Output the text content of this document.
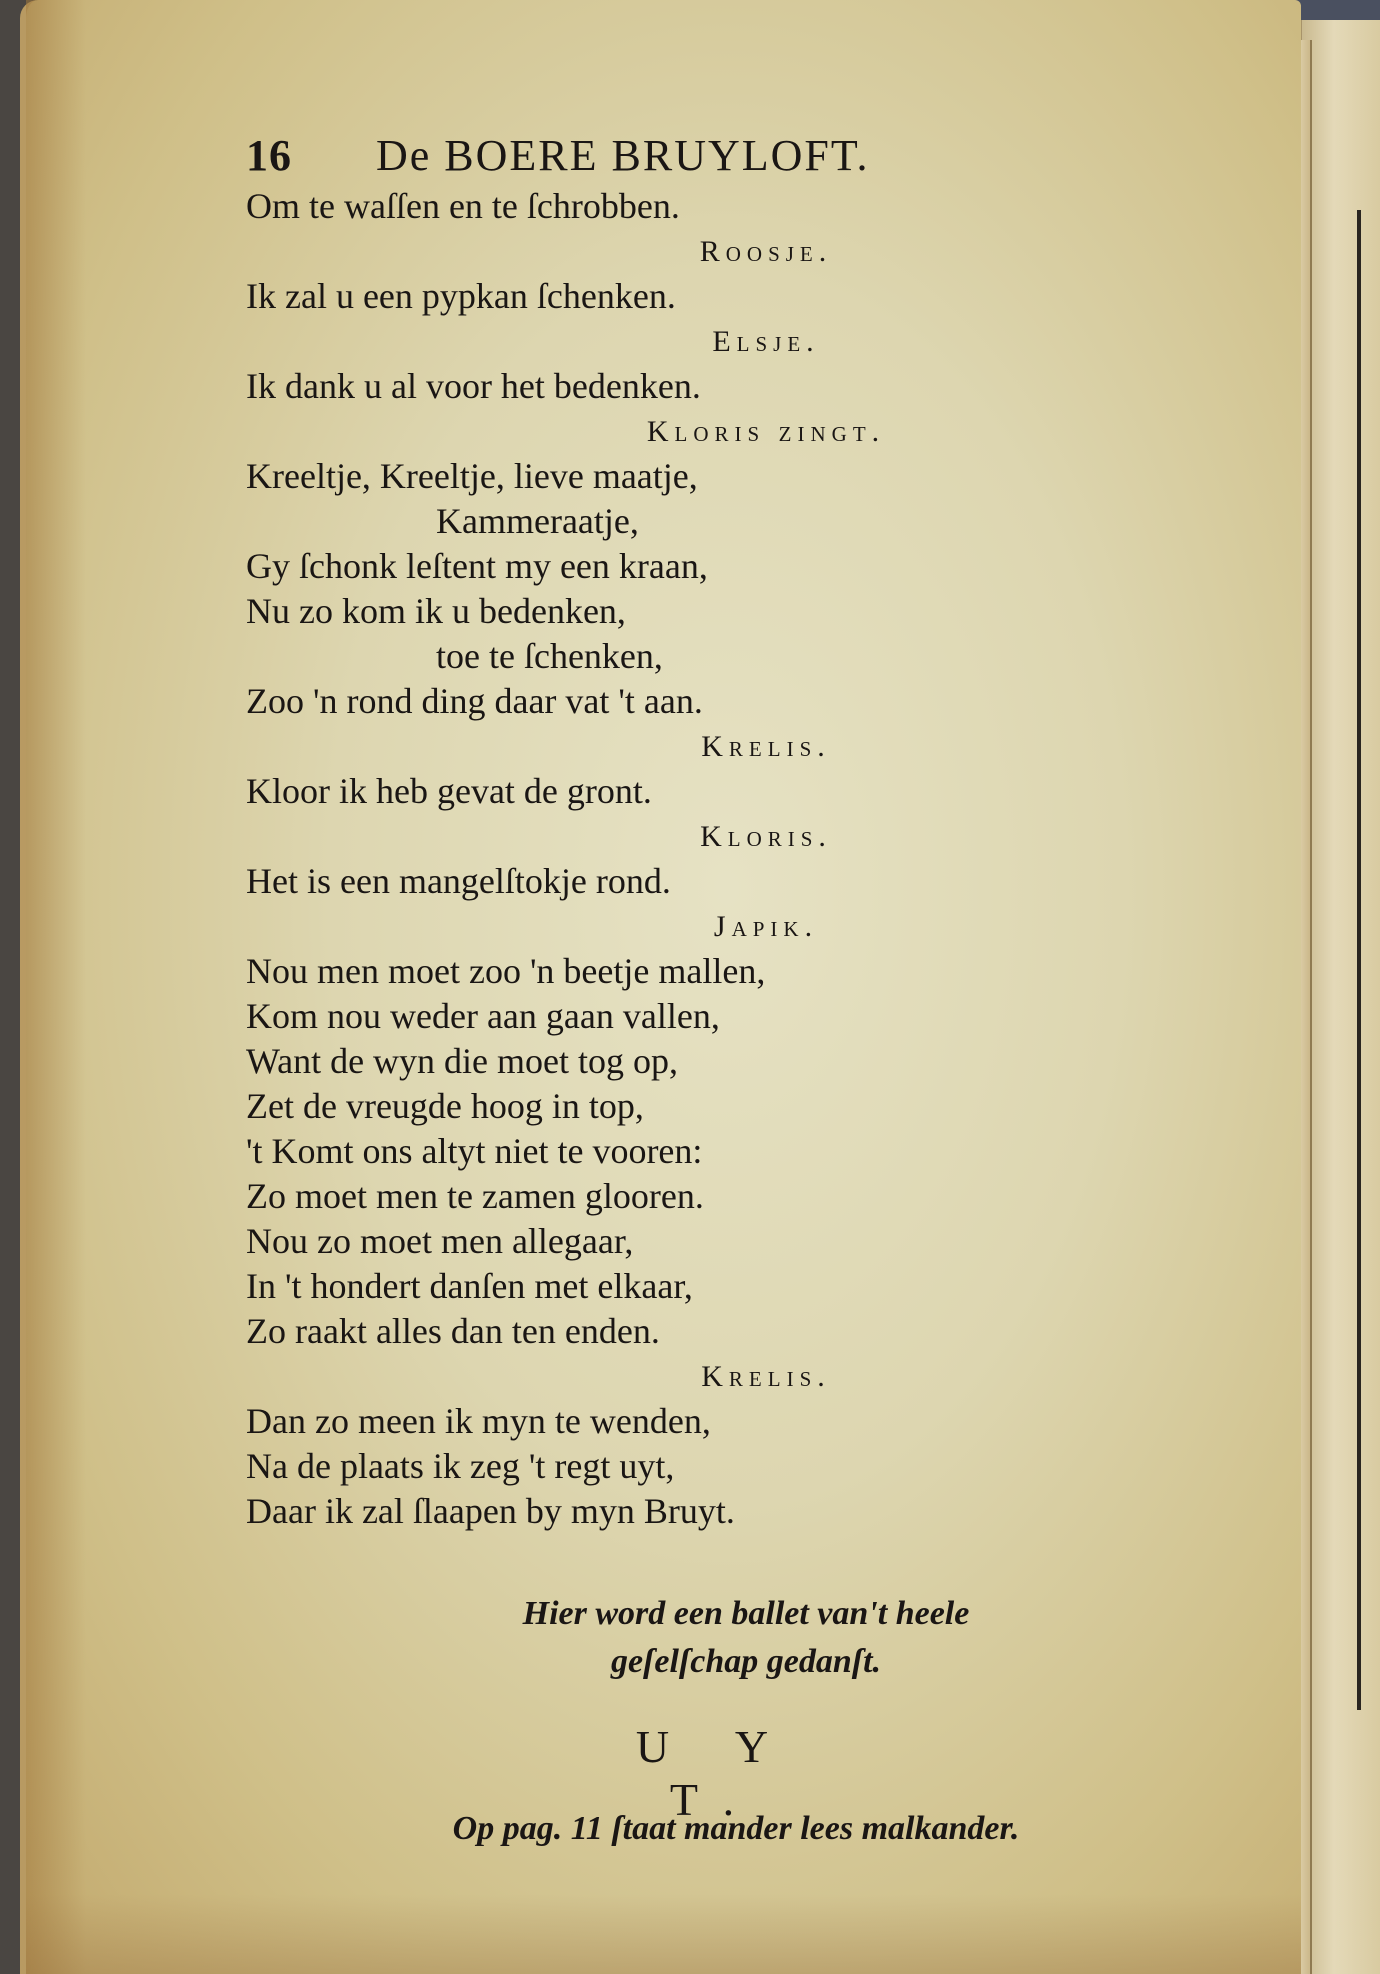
16	De BOERE BRUYLOFT.
Om te waſſen en te ſchrobben.
Roosje.
Ik zal u een pypkan ſchenken.
Elsje.
Ik dank u al voor het bedenken.
Kloris zingt.
Kreeltje, Kreeltje, lieve maatje,
Kammeraatje,
Gy ſchonk leſtent my een kraan,
Nu zo kom ik u bedenken,
toe te ſchenken,
Zoo 'n rond ding daar vat 't aan.
Krelis.
Kloor ik heb gevat de gront.
Kloris.
Het is een mangelſtokje rond.
Japik.
Nou men moet zoo 'n beetje mallen,
Kom nou weder aan gaan vallen,
Want de wyn die moet tog op,
Zet de vreugde hoog in top,
't Komt ons altyt niet te vooren:
Zo moet men te zamen glooren.
Nou zo moet men allegaar,
In 't hondert danſen met elkaar,
Zo raakt alles dan ten enden.
Krelis.
Dan zo meen ik myn te wenden,
Na de plaats ik zeg 't regt uyt,
Daar ik zal ſlaapen by myn Bruyt.
Hier word een ballet van't heele
geſelſchap gedanſt.
U Y T.
Op pag. 11 ſtaat mander lees malkander.
